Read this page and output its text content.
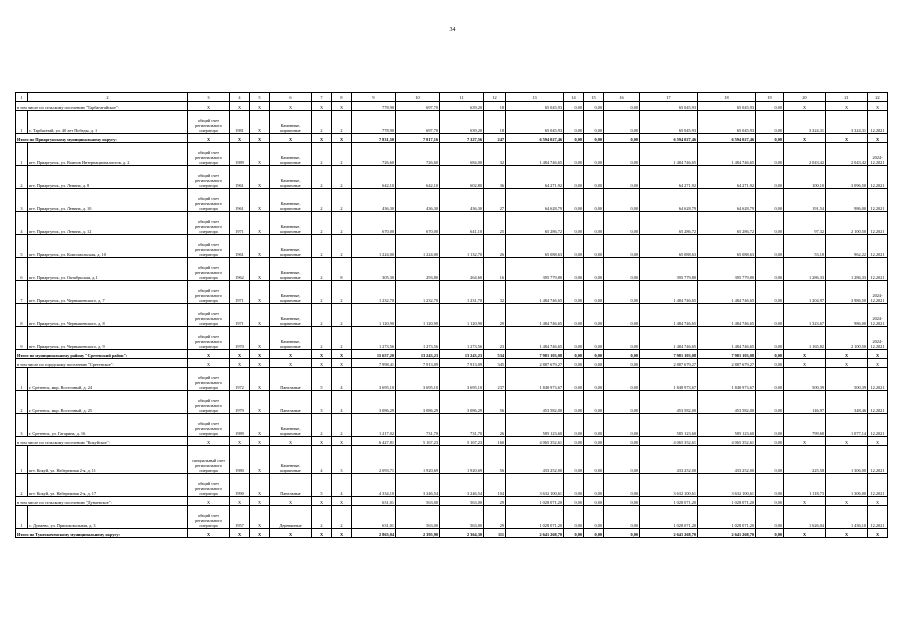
34
1	2	3	4	5	6	7	8	9	10	11	12	13	14	15	16	17	18	19	20	21	22
в том числе по сельскому поселению "Тарбагатайское":		X	X	X	X	X	X	778,90	697,70	639,20	18	65 045,93	0,00	0,00	0,00	65 045,93	65 045,93	0,00	X	X	X
1	с. Тарбагатай, ул. 40 лет Победы, д. 1	общий счет регионального оператора	1981	X	Каменные, кирпичные	2	2	778,90	697,70	639,20	18	65 045,93	0,00	0,00	0,00	65 045,93	65 045,93	0,00	3 324,31	3 324,31	12.2021
Итого по Приаргунскому муниципальному округу:		X	X	X	X	X	X	7 831,50	7 817,16	7 327,56	247	6 594 027,46	0,00	0,00	0,00	6 594 027,46	6 594 027,46	0,00	X	X	X
1	пгт. Приаргунск, ул. Воинов Интернационалистов, д. 2	общий счет регионального оператора	1989	X	Каменные, кирпичные	2	2	726,60	726,60	684,00	32	1 484 746,65	0,00	0,00	0,00	1 484 746,65	1 484 746,65	0,00	2 043,42	2 043,42	2024-12.2021
2	пгт. Приаргунск, ул. Ленина, д. 8	общий счет регионального оператора	1961	X	Каменные, кирпичные	2	2	642,10	642,10	602,80	36	64 271,92	0,00	0,00	0,00	64 271,92	64 271,92	0,00	100,10	3 096,50	12.2021
3	пгт. Приаргунск, ул. Ленина, д. 10	общий счет регионального оператора	1961	X	Каменные, кирпичные	2	2	436,30	436,30	436,30	27	64 628,79	0,00	0,00	0,00	64 628,79	64 628,79	0,00	191,54	986,00	12.2021
4	пгт. Приаргунск, ул. Ленина, д. 12	общий счет регионального оператора	1971	X	Каменные, кирпичные	2	2	670,00	670,00	641,10	25	65 286,72	0,00	0,00	0,00	65 286,72	65 286,72	0,00	97,32	2 100,50	12.2021
5	пгт. Приаргунск, ул. Комсомольская, д. 10	общий счет регионального оператора	1961	X	Каменные, кирпичные	2	2	1 224,00	1 224,00	1 132,70	26	65 088,63	0,00	0,00	0,00	65 088,63	65 088,63	0,00	53,18	962,22	12.2021
6	пгт. Приаргунск, ул. Октябрьская, д.1	общий счет регионального оператора	1962	X	Каменные, кирпичные	2	8	305,30	293,80	264,60	16	395 779,80	0,00	0,00	0,00	395 779,80	395 779,80	0,00	1 286,33	1 286,33	12.2021
7	пгт. Приаргунск, ул. Чернышевского, д. 7	общий счет регионального оператора	1971	X	Каменные, кирпичные	2	2	1 232,70	1 232,70	1 231,70	32	1 484 746,65	0,00	0,00	0,00	1 484 746,65	1 484 746,65	0,00	1 204,97	3 986,50	2024-12.2021
8	пгт. Приаргунск, ул. Чернышевского, д. 8	общий счет регионального оператора	1971	X	Каменные, кирпичные	2	2	1 120,90	1 120,90	1 120,90	29	1 484 746,65	0,00	0,00	0,00	1 484 746,65	1 484 746,65	0,00	1 323,67	986,00	2024-12.2021
9	пгт. Приаргунск, ул. Чернышевского, д. 9	общий счет регионального оператора	1970	X	Каменные, кирпичные	2	2	1 273,56	1 273,56	1 273,56	23	1 484 746,65	0,00	0,00	0,00	1 484 746,65	1 484 746,65	0,00	1 165,82	2 100,50	2024-12.2021
Итого по муниципальному району "Сретенский район":		X	X	X	X	X	X	15 657,20	13 243,23	13 243,23	534	7 981 103,08	0,00	0,00	0,00	7 981 103,08	7 981 103,08	0,00	X	X	X
в том числе по городскому поселению "Сретенское":		X	X	X	X	X	X	7 998,41	7 913,09	7 913,09	345	2 887 679,27	0,00	0,00	0,00	2 887 679,27	2 887 679,27	0,00	X	X	X
1	г. Сретенск, мкр. Восточный, д. 24	общий счет регионального оператора	1972	X	Панельные	5	4	3 695,10	3 695,10	3 695,10	237	1 848 973,67	0,00	0,00	0,00	1 848 973,67	1 848 973,67	0,00	500,39	500,39	12.2021
2	г. Сретенск, мкр. Восточный, д. 25	общий счет регионального оператора	1979	X	Панельные	3	4	3 086,29	3 086,29	3 086,29	56	453 582,00	0,00	0,00	0,00	453 582,00	453 582,00	0,00	146,97	348,46	12.2021
3	г. Сретенск, ул. Гагарина, д. 16	общий счет регионального оператора	1989	X	Каменные, кирпичные	2	2	1 217,02	731,70	731,70	26	585 123,60	0,00	0,00	0,00	585 123,60	585 123,60	0,00	799,68	1 077,14	12.2021
в том числе по сельскому поселению "Кокуйское":		X	X	X	X	X	X	6 427,81	5 167,23	5 167,23	160	4 065 352,61	0,00	0,00	0,00	4 065 352,61	4 065 352,61	0,00	X	X	X
1	пгт. Кокуй, ул. Набережная 2-я, д. 11	специальный счет регионального оператора	1980	X	Каменные, кирпичные	4	3	2 093,71	1 920,69	1 920,69	56	433 252,00	0,00	0,00	0,00	433 252,00	433 252,00	0,00	225,58	1 306,00	12.2021
2	пгт. Кокуй, ул. Набережная 2-я, д. 17	общий счет регионального оператора	1990	X	Панельные	5	4	4 334,10	3 246,54	3 246,54	104	3 632 100,61	0,00	0,00	0,00	3 632 100,61	3 632 100,61	0,00	1 118,73	1 306,00	12.2021
в том числе по сельскому поселению "Дунаевское":		X	X	X	X	X	X	631,01	563,00	563,00	29	1 028 071,20	0,00	0,00	0,00	1 028 071,20	1 028 071,20	0,00	X	X	X
1	с. Дунаево, ул. Приисковольная, д. 3	общий счет регионального оператора	1957	X	Деревянные	2	2	631,01	563,00	563,00	29	1 028 071,20	0,00	0,00	0,00	1 028 071,20	1 028 071,20	0,00	1 626,04	1 436,10	12.2021
Итого по Тунгокоченскому муниципальному округу:		X	X	X	X	X	X	2 863,04	2 395,90	2 364,30	111	2 641 268,70	0,00	0,00	0,00	2 641 268,70	2 641 268,70	0,00	X	X	X
